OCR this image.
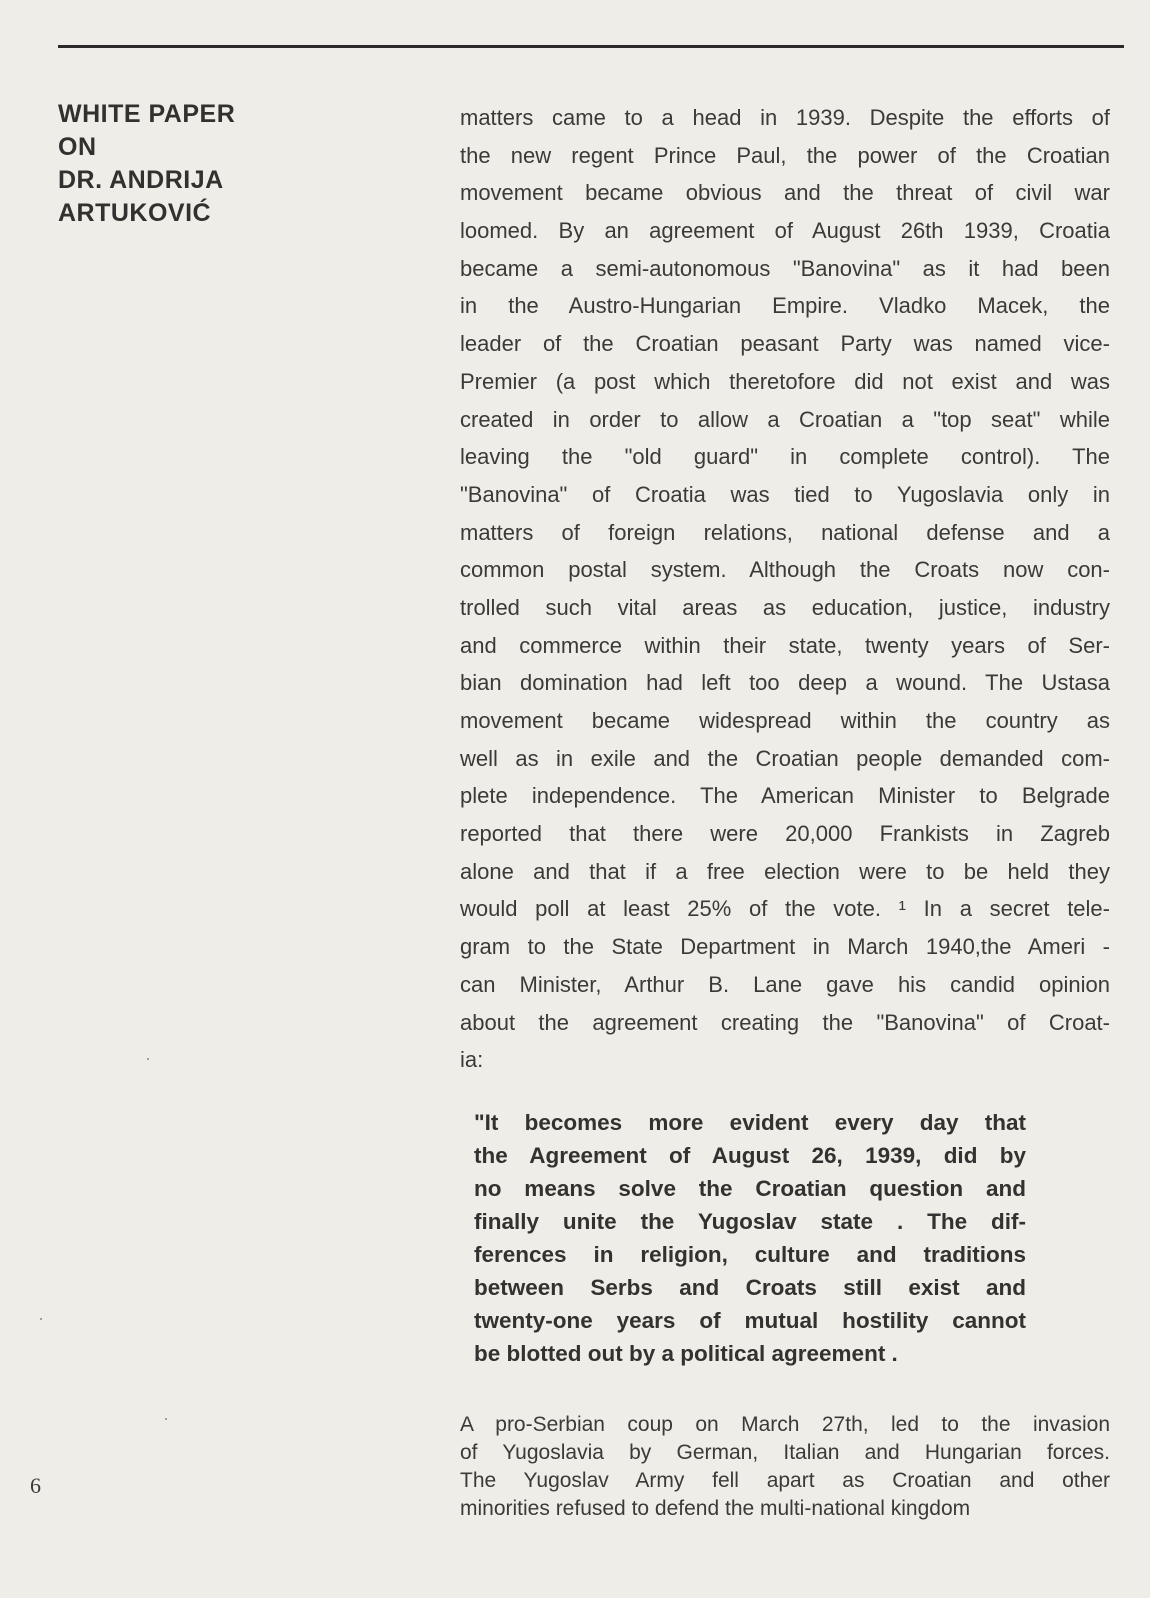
WHITE PAPER
ON
DR. ANDRIJA
ARTUKOVIĆ
matters came to a head in 1939. Despite the efforts of
the new regent Prince Paul, the power of the Croatian
movement became obvious and the threat of civil war
loomed. By an agreement of August 26th 1939, Croatia
became a semi-autonomous "Banovina" as it had been
in the Austro-Hungarian Empire. Vladko Macek, the
leader of the Croatian peasant Party was named vice-
Premier (a post which theretofore did not exist and was
created in order to allow a Croatian a "top seat" while
leaving the "old guard" in complete control). The
"Banovina" of Croatia was tied to Yugoslavia only in
matters of foreign relations, national defense and a
common postal system. Although the Croats now con-
trolled such vital areas as education, justice, industry
and commerce within their state, twenty years of Ser-
bian domination had left too deep a wound. The Ustasa
movement became widespread within the country as
well as in exile and the Croatian people demanded com-
plete independence. The American Minister to Belgrade
reported that there were 20,000 Frankists in Zagreb
alone and that if a free election were to be held they
would poll at least 25% of the vote. ¹ In a secret tele-
gram to the State Department in March 1940,the Ameri -
can Minister, Arthur B. Lane gave his candid opinion
about the agreement creating the "Banovina" of Croat-
ia:
"It becomes more evident every day that
the Agreement of August 26, 1939, did by
no means solve the Croatian question and
finally unite the Yugoslav state . The dif-
ferences in religion, culture and traditions
between Serbs and Croats still exist and
twenty-one years of mutual hostility cannot
be blotted out by a political agreement .
A pro-Serbian coup on March 27th, led to the invasion
of Yugoslavia by German, Italian and Hungarian forces.
The Yugoslav Army fell apart as Croatian and other
minorities refused to defend the multi-national kingdom
6
